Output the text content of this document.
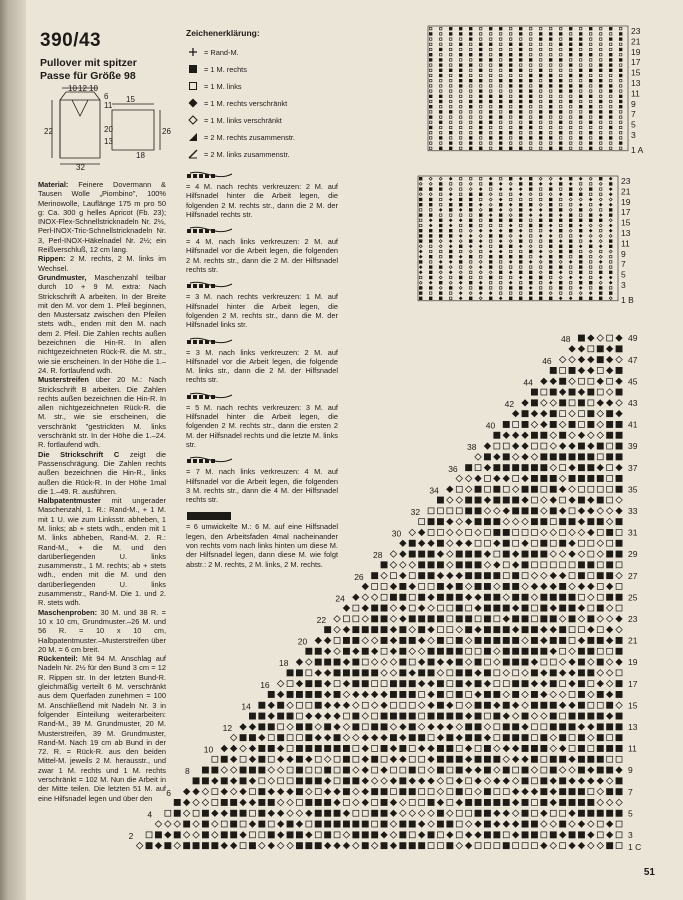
390/43
Pullover mit spitzer Passe für Größe 98
10 12 10
6
11
15
20
22
13
26
18
32
Material: Feinere Dovermann & Tausen Wolle „Piombino", 100% Merinowolle, Lauflänge 175 m pro 50 g: Ca. 300 g helles Apricot (Fb. 23); INOX-Flex-Schnellstricknadeln Nr. 2½, Perl-INOX-Tric-Schnellstricknadeln Nr. 3, Perl-INOX-Häkelnadel Nr. 2½; ein Reißverschluß, 12 cm lang.
Rippen: 2 M. rechts, 2 M. links im Wechsel.
Grundmuster, Maschenzahl teilbar durch 10 + 9 M. extra: Nach Strickschrift A arbeiten. In der Breite mit den M. vor dem 1. Pfeil beginnen, den Mustersatz zwischen den Pfeilen stets wdh., enden mit den M. nach dem 2. Pfeil. Die Zahlen rechts außen bezeichnen die Hin-R. In allen nichtgezeichneten Rück-R. die M. str., wie sie erscheinen. In der Höhe die 1.–24. R. fortlaufend wdh.
Musterstreifen über 20 M.: Nach Strickschrift B arbeiten. Die Zahlen rechts außen bezeichnen die Hin-R. In allen nichtgezeichneten Rück-R. die M. str., wie sie erscheinen, die verschränkt "gestrickten M. links verschränkt str. In der Höhe die 1.–24. R. fortlaufend wdh.
Die Strickschrift C zeigt die Passenschrägung. Die Zahlen rechts außen bezeichnen die Hin-R., links außen die Rück-R. In der Höhe 1mal die 1.–49. R. ausführen.
Halbpatentmuster mit ungerader Maschenzahl, 1. R.: Rand-M., + 1 M. mit 1 U. wie zum Linksstr. abheben, 1 M. links; ab + stets wdh., enden mit 1 M. links abheben, Rand-M. 2. R.: Rand-M., + die M. und den darüberliegenden U. links zusammenstr., 1 M. rechts; ab + stets wdh., enden mit die M. und den darüberliegenden U. links zusammenstr., Rand-M. Die 1. und 2. R. stets wdh.
Maschenproben: 30 M. und 38 R. = 10 x 10 cm, Grundmuster.–26 M. und 56 R. = 10 x 10 cm, Halbpatentmuster.–Musterstreifen über 20 M. = 6 cm breit.
Rückenteil: Mit 94 M. Anschlag auf Nadeln Nr. 2½ für den Bund 3 cm = 12 R. Rippen str. In der letzten Bund-R. gleichmäßig verteilt 6 M. verschränkt aus dem Querfaden zunehmen = 100 M. Anschließend mit Nadeln Nr. 3 in folgender Einteilung weiterarbeiten: Rand-M., 39 M. Grundmuster, 20 M. Musterstreifen, 39 M. Grundmuster, Rand-M. Nach 19 cm ab Bund in der 72. R. = Rück-R. aus den beiden Mittel-M. jeweils 2 M. herausstr., und zwar 1 M. rechts und 1 M. rechts verschränkt = 102 M. Nun die Arbeit in der Mitte teilen. Die letzten 51 M. auf eine Hilfsnadel legen und über den
Zeichenerklärung:
= Rand-M.
= 1 M. rechts
= 1 M. links
= 1 M. rechts verschränkt
= 1 M. links verschränkt
= 2 M. rechts zusammenstr.
= 2 M. links zusammenstr.
= 4 M. nach rechts verkreuzen: 2 M. auf Hilfsnadel hinter die Arbeit legen, die folgenden 2 M. rechts str., dann die 2 M. der Hilfsnadel rechts str.
= 4 M. nach links verkreuzen: 2 M. auf Hilfsnadel vor die Arbeit legen, die folgenden 2 M. rechts str., dann die 2 M. der Hilfsnadel rechts str.
= 3 M. nach rechts verkreuzen: 1 M. auf Hilfsnadel hinter die Arbeit legen, die folgenden 2 M. rechts str., dann die M. der Hilfsnadel links str.
= 3 M. nach links verkreuzen: 2 M. auf Hilfsnadel vor die Arbeit legen, die folgende M. links str., dann die 2 M. der Hilfsnadel rechts str.
= 5 M. nach rechts verkreuzen: 3 M. auf Hilfsnadel hinter die Arbeit legen, die folgenden 2 M. rechts str., dann die ersten 2 M. der Hilfsnadel rechts und die letzte M. links str.
= 7 M. nach links verkreuzen: 4 M. auf Hilfsnadel vor die Arbeit legen, die folgenden 3 M. rechts str., dann die 4 M. der Hilfsnadel rechts str.
= 6 umwickelte M.: 6 M. auf eine Hilfsnadel legen, den Arbeitsfaden 4mal nacheinander von rechts vorn nach links hinten um diese M. der Hilfsnadel legen, dann diese M. wie folgt abstr.: 2 M. rechts, 2 M. links, 2 M. rechts.
23
21
19
17
15
13
11
9
7
5
3
1 A
23
21
19
17
15
13
11
9
7
5
3
1 B
49
47
45
43
41
39
37
35
33
31
29
27
25
23
21
19
17
15
13
11
9
7
5
3
48
46
44
42
40
38
36
34
32
30
28
26
24
22
20
18
16
14
12
10
8
6
4
2
1 C
51
